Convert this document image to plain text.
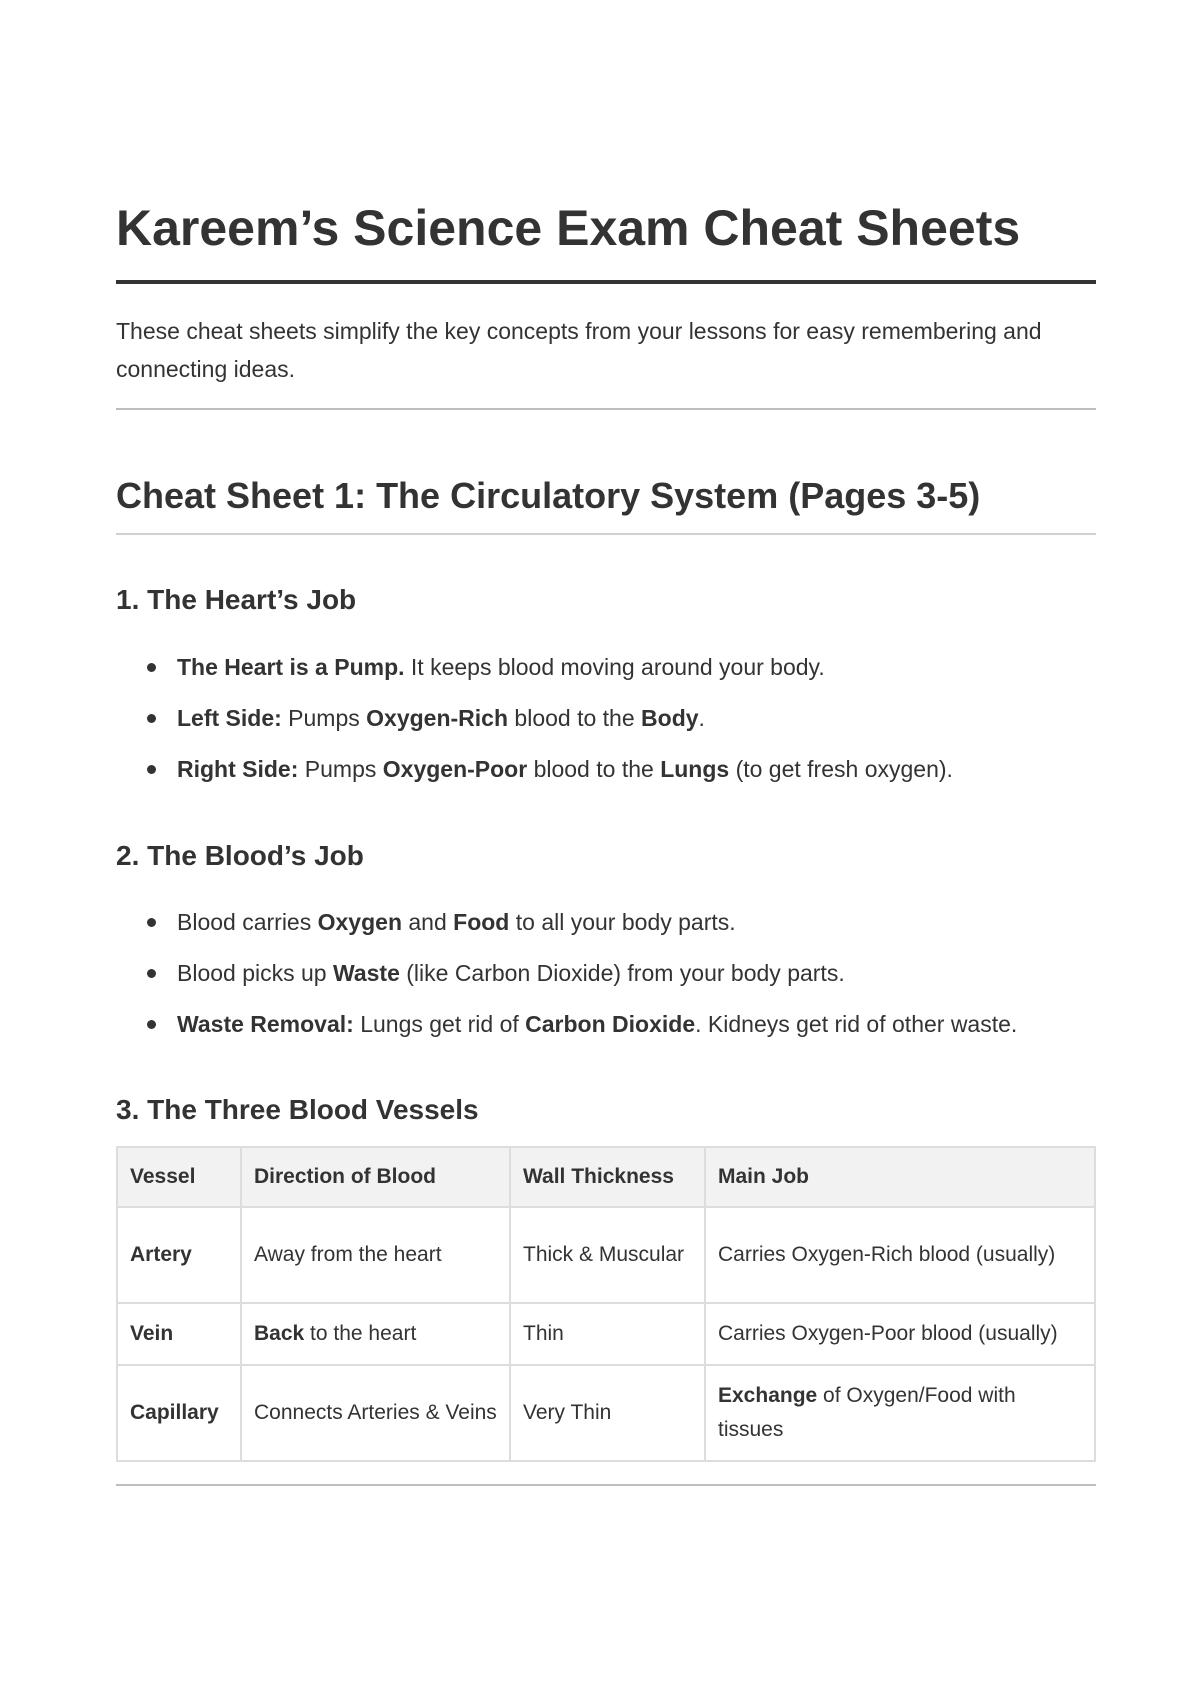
Kareem’s Science Exam Cheat Sheets

These cheat sheets simplify the key concepts from your lessons for easy remembering and connecting ideas.

Cheat Sheet 1: The Circulatory System (Pages 3-5)
1. The Heart’s Job
The Heart is a Pump. It keeps blood moving around your body.
Left Side: Pumps Oxygen-Rich blood to the Body.
Right Side: Pumps Oxygen-Poor blood to the Lungs (to get fresh oxygen).
2. The Blood’s Job
Blood carries Oxygen and Food to all your body parts.
Blood picks up Waste (like Carbon Dioxide) from your body parts.
Waste Removal: Lungs get rid of Carbon Dioxide. Kidneys get rid of other waste.
3. The Three Blood Vessels
Vessel	Direction of Blood	Wall Thickness	Main Job
Artery	Away from the heart	Thick & Muscular	Carries Oxygen-Rich blood (usually)
Vein	Back to the heart	Thin	Carries Oxygen-Poor blood (usually)
Capillary	Connects Arteries & Veins	Very Thin	Exchange of Oxygen/Food with tissues
